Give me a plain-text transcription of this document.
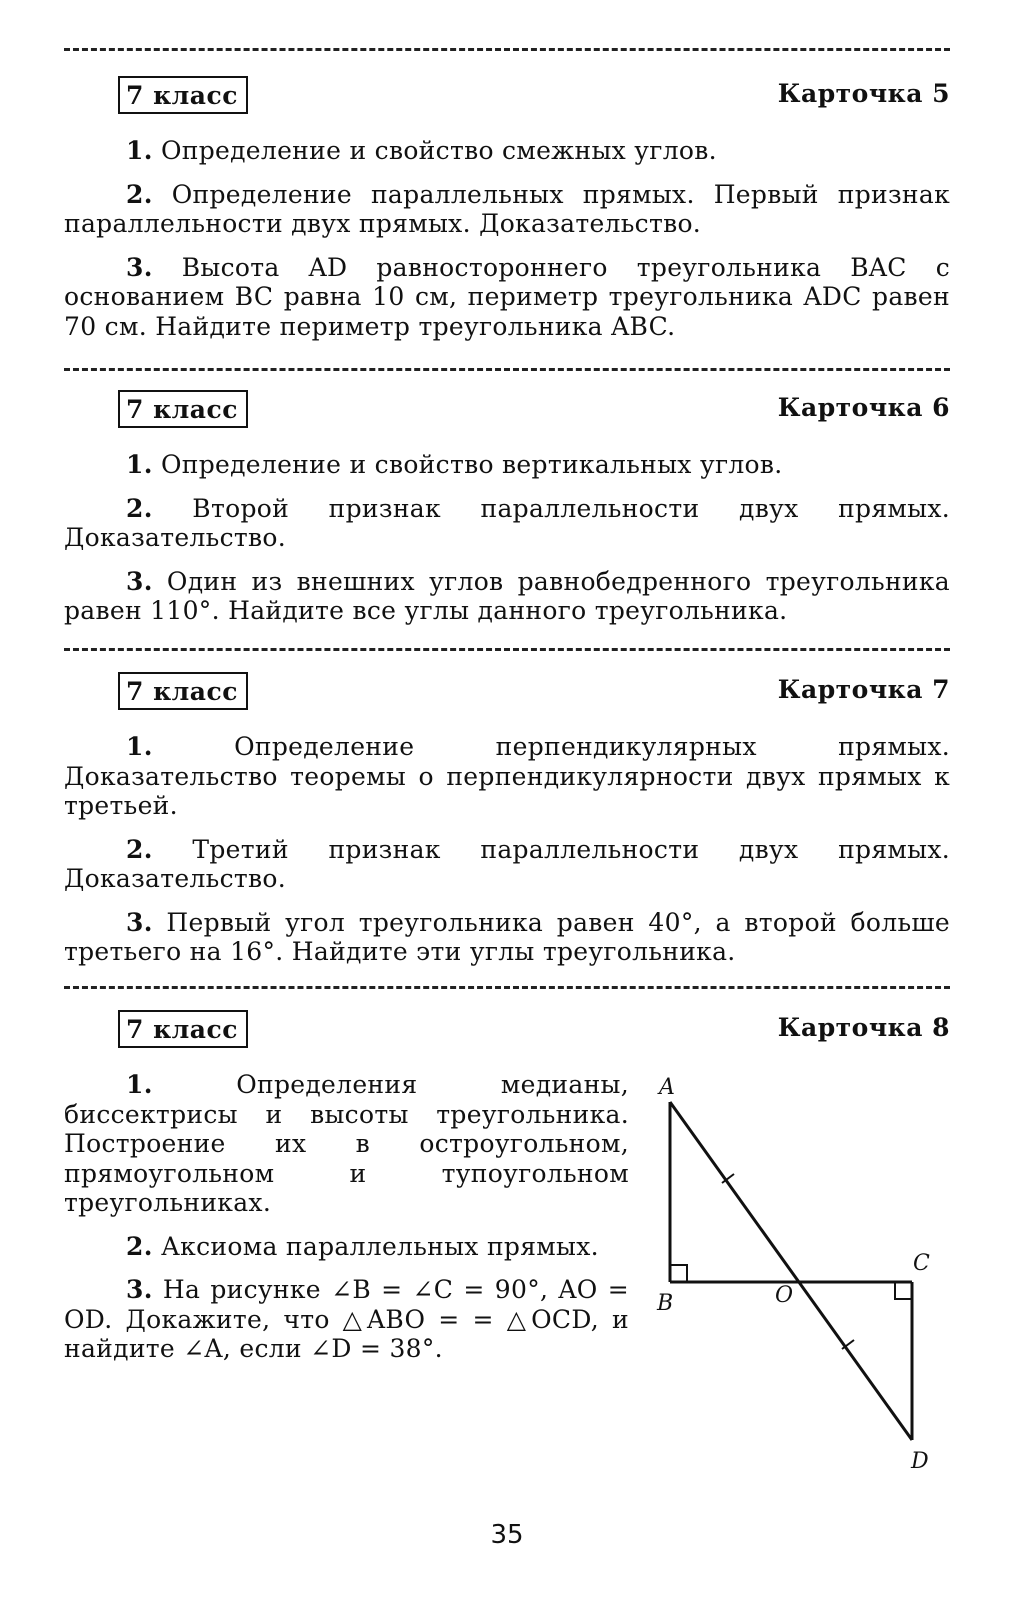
7 класс	Карточка 5

1. Определение и свойство смежных углов.

2. Определение параллельных прямых. Первый признак параллельности двух прямых. Доказательство.

3. Высота AD равностороннего треугольника BAC с основанием BC равна 10 см, периметр треугольника ADC равен 70 см. Найдите периметр треугольника ABC.

7 класс	Карточка 6

1. Определение и свойство вертикальных углов.

2. Второй признак параллельности двух прямых. Доказательство.

3. Один из внешних углов равнобедренного треугольника равен 110°. Найдите все углы данного треугольника.

7 класс	Карточка 7

1.	Определение перпендикулярных прямых. Доказательство теоремы о перпендикулярности двух прямых к третьей.

2. Третий признак параллельности двух прямых. Доказательство.

3. Первый угол треугольника равен 40°, а второй больше третьего на 16°. Найдите эти углы треугольника.

7 класс	Карточка 8

1.	Определения медианы, биссектрисы и высоты треугольника. Построение их в остроугольном, прямоугольном и тупоугольном треугольниках.

2. Аксиома параллельных прямых.

3. На рисунке ∠B = ∠C = 90°, AO = OD. Докажите, что △ABO = = △OCD, и найдите ∠A, если ∠D = 38°.

A
B
C
O
D
35
